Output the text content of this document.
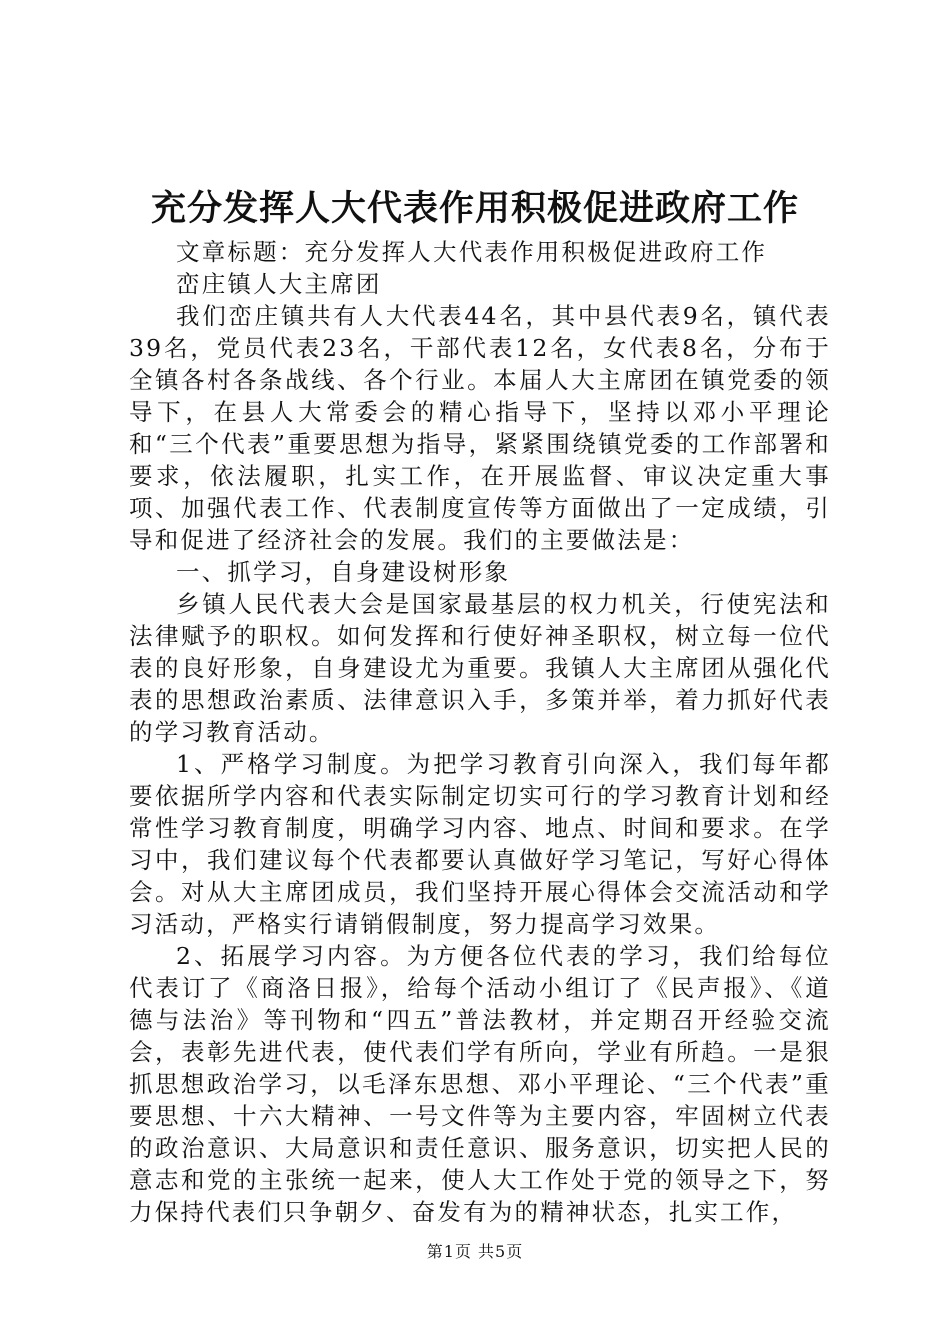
充分发挥人大代表作用积极促进政府工作

文章标题：充分发挥人大代表作用积极促进政府工作

峦庄镇人大主席团

我们峦庄镇共有人大代表44名，其中县代表9名，镇代表39名，党员代表23名，干部代表12名，女代表8名，分布于全镇各村各条战线、各个行业。本届人大主席团在镇党委的领导下，在县人大常委会的精心指导下，坚持以邓小平理论和“三个代表”重要思想为指导，紧紧围绕镇党委的工作部署和要求，依法履职，扎实工作，在开展监督、审议决定重大事项、加强代表工作、代表制度宣传等方面做出了一定成绩，引导和促进了经济社会的发展。我们的主要做法是：

一、抓学习，自身建设树形象

乡镇人民代表大会是国家最基层的权力机关，行使宪法和法律赋予的职权。如何发挥和行使好神圣职权，树立每一位代表的良好形象，自身建设尤为重要。我镇人大主席团从强化代表的思想政治素质、法律意识入手，多策并举，着力抓好代表的学习教育活动。

1、严格学习制度。为把学习教育引向深入，我们每年都要依据所学内容和代表实际制定切实可行的学习教育计划和经常性学习教育制度，明确学习内容、地点、时间和要求。在学习中，我们建议每个代表都要认真做好学习笔记，写好心得体会。对从大主席团成员，我们坚持开展心得体会交流活动和学习活动，严格实行请销假制度，努力提高学习效果。

2、拓展学习内容。为方便各位代表的学习，我们给每位代表订了《商洛日报》，给每个活动小组订了《民声报》、《道德与法治》等刊物和“四五”普法教材，并定期召开经验交流会，表彰先进代表，使代表们学有所向，学业有所趋。一是狠抓思想政治学习，以毛泽东思想、邓小平理论、“三个代表”重要思想、十六大精神、一号文件等为主要内容，牢固树立代表的政治意识、大局意识和责任意识、服务意识，切实把人民的意志和党的主张统一起来，使人大工作处于党的领导之下，努力保持代表们只争朝夕、奋发有为的精神状态，扎实工作，

第1页 共5页
